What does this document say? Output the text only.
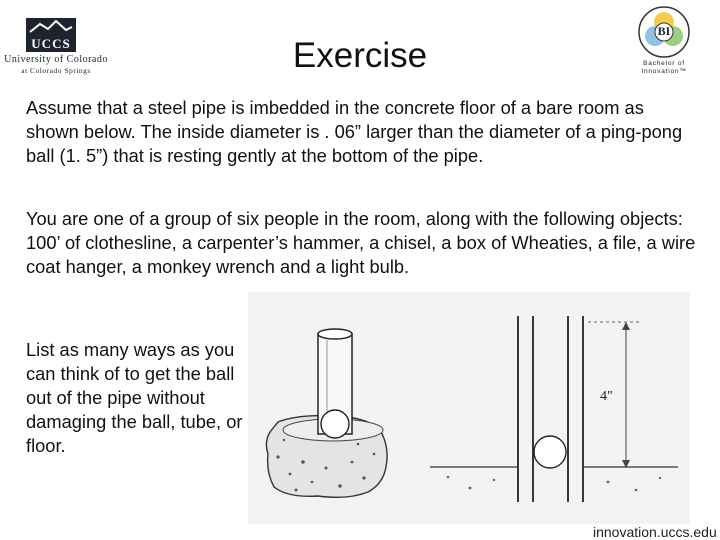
UCCS
University of Colorado
at Colorado Springs
BI
Bachelor of
Innovation™
Exercise

Assume that a steel pipe is imbedded in the concrete floor of a bare room as shown below. The inside diameter is . 06” larger than the diameter of a ping-pong ball (1. 5”) that is resting gently at the bottom of the pipe.

You are one of a group of six people in the room, along with the following objects: 100’ of clothesline, a carpenter’s hammer, a chisel, a box of Wheaties, a file, a wire coat hanger, a monkey wrench and a light bulb.

List as many ways as you can think of to get the ball out of the pipe without damaging the ball, tube, or floor.

4"
innovation.uccs.edu
